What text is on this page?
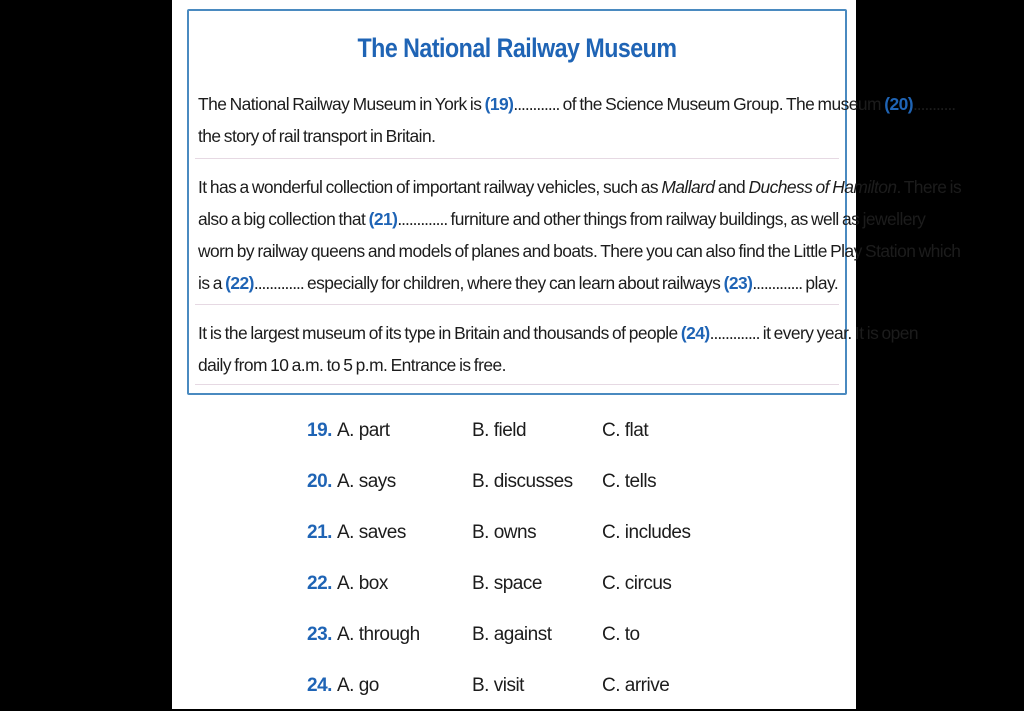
The National Railway Museum
The National Railway Museum in York is (19)............ of the Science Museum Group. The museum (20)...........
the story of rail transport in Britain.
It has a wonderful collection of important railway vehicles, such as Mallard and Duchess of Hamilton. There is
also a big collection that (21)............. furniture and other things from railway buildings, as well as jewellery
worn by railway queens and models of planes and boats. There you can also find the Little Play Station which
is a (22)............. especially for children, where they can learn about railways (23)............. play.
It is the largest museum of its type in Britain and thousands of people (24)............. it every year. It is open
daily from 10 a.m. to 5 p.m. Entrance is free.
19. A. part	B. field	C. flat
20. A. says	B. discusses C. tells
21. A. saves	B. owns	C. includes
22. A. box	B. space	C. circus
23. A. through	B. against	C. to
24. A. go	B. visit	C. arrive
